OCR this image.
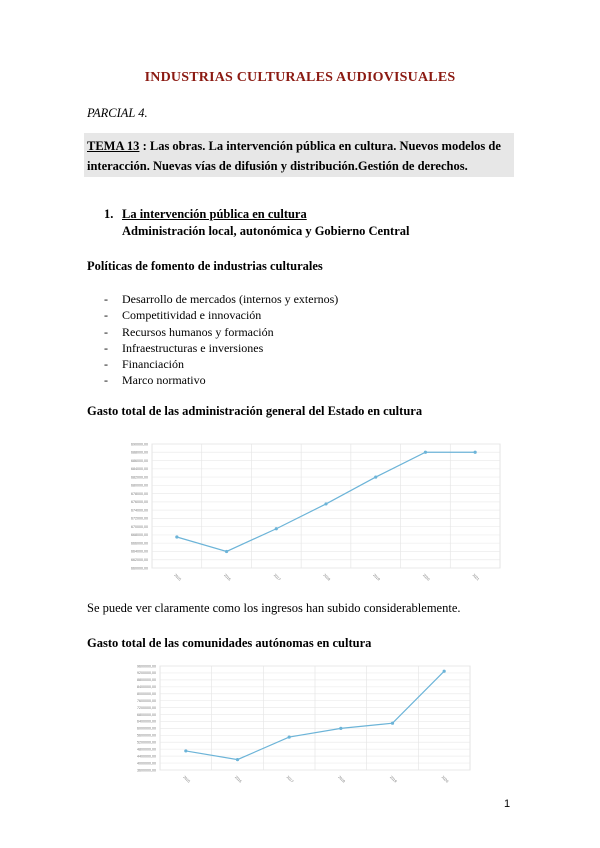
INDUSTRIAS CULTURALES AUDIOVISUALES
PARCIAL 4.
TEMA 13 : Las obras. La intervención pública en cultura. Nuevos modelos de interacción. Nuevas vías de difusión y distribución.Gestión de derechos.
1. La intervención pública en cultura
Administración local, autonómica y Gobierno Central
Políticas de fomento de industrias culturales
- Desarrollo de mercados (internos y externos)
- Competitividad e innovación
- Recursos humanos y formación
- Infraestructuras e inversiones
- Financiación
- Marco normativo
Gasto total de las administración general del Estado en cultura
660000,00
662000,00
664000,00
666000,00
668000,00
670000,00
672000,00
674000,00
676000,00
678000,00
680000,00
682000,00
684000,00
686000,00
688000,00
690000,00
2015	2016	2017	2018	2019	2020	2021
Se puede ver claramente como los ingresos han subido considerablemente.
Gasto total de las comunidades autónomas en cultura
3600000,00
4000000,00
4400000,00
4800000,00
5200000,00
5600000,00
6000000,00
6400000,00
6800000,00
7200000,00
7600000,00
8000000,00
8400000,00
8800000,00
9200000,00
9600000,00
2015	2016	2017	2018	2019	2020
1
